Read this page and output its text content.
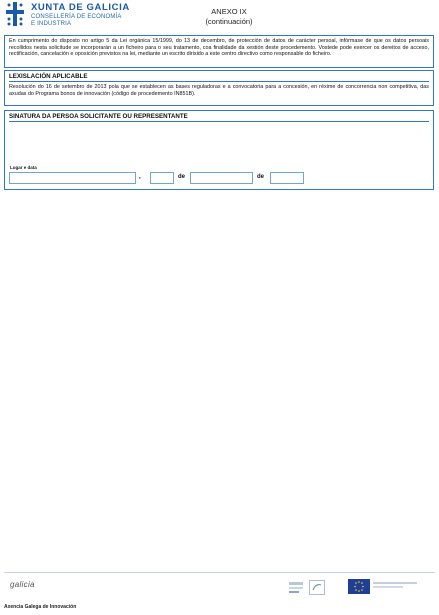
XUNTA DE GALICIA
CONSELLERÍA DE ECONOMÍA
E INDUSTRIA
ANEXO IX
(continuación)

En cumprimento do disposto no artigo 5 da Lei orgánica 15/1999, do 13 de decembro, de protección de datos de carácter persoal, infórmase de que os datos persoais recollidos nesta solicitude se incorporarán a un ficheiro para o seu tratamento, coa finalidade da xestión deste procedemento. Vostede pode exercer os dereitos de acceso, rectificación, cancelación e oposición previstos na lei, mediante un escrito dirixido a este centro directivo como responsable do ficheiro.

LEXISLACIÓN APLICABLE

Resolución do 16 de setembro de 2013 pola que se establecen as bases reguladoras e a convocatoria para a concesión, en réxime de concorrencia non competitiva, das axudas do Programa bonos de innovación (código de procedemento IN851B).

SINATURA DA PERSOA SOLICITANTE OU REPRESENTANTE

Lugar e data
,	de	de
galicia
Axencia Galega de Innovación
